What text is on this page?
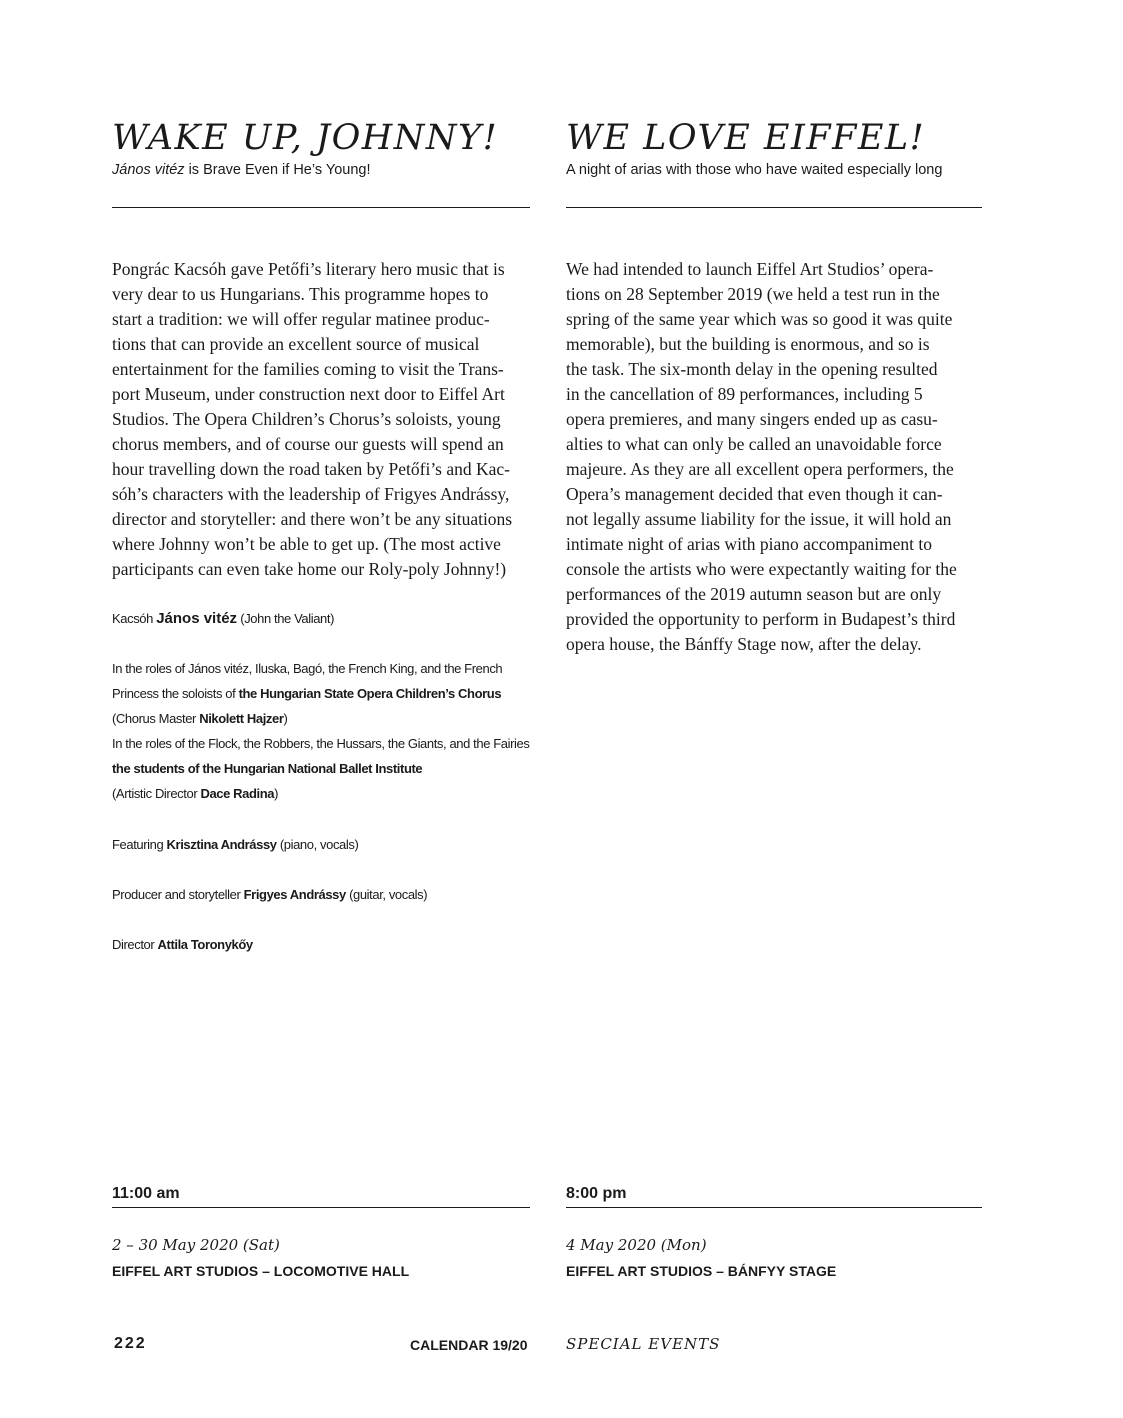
WAKE UP, JOHNNY!
János vitéz is Brave Even if He’s Young!
Pongrác Kacsóh gave Petőfi’s literary hero music that is
very dear to us Hungarians. This programme hopes to
start a tradition: we will offer regular matinee produc-
tions that can provide an excellent source of musical
entertainment for the families coming to visit the Trans-
port Museum, under construction next door to Eiffel Art
Studios. The Opera Children’s Chorus’s soloists, young
chorus members, and of course our guests will spend an
hour travelling down the road taken by Petőfi’s and Kac-
sóh’s characters with the leadership of Frigyes Andrássy,
director and storyteller: and there won’t be any situations
where Johnny won’t be able to get up. (The most active
participants can even take home our Roly-poly Johnny!)
Kacsóh János vitéz (John the Valiant)
In the roles of János vitéz, Iluska, Bagó, the French King, and the French
Princess the soloists of the Hungarian State Opera Children’s Chorus
(Chorus Master Nikolett Hajzer)
In the roles of the Flock, the Robbers, the Hussars, the Giants, and the Fairies
the students of the Hungarian National Ballet Institute
(Artistic Director Dace Radina)
Featuring Krisztina Andrássy (piano, vocals)
Producer and storyteller Frigyes Andrássy (guitar, vocals)
Director Attila Toronykőy
11:00 am
2 – 30 May 2020 (Sat)
EIFFEL ART STUDIOS – LOCOMOTIVE HALL
WE LOVE EIFFEL!
A night of arias with those who have waited especially long
We had intended to launch Eiffel Art Studios’ opera-
tions on 28 September 2019 (we held a test run in the
spring of the same year which was so good it was quite
memorable), but the building is enormous, and so is
the task. The six-month delay in the opening resulted
in the cancellation of 89 performances, including 5
opera premieres, and many singers ended up as casu-
alties to what can only be called an unavoidable force
majeure. As they are all excellent opera performers, the
Opera’s management decided that even though it can-
not legally assume liability for the issue, it will hold an
intimate night of arias with piano accompaniment to
console the artists who were expectantly waiting for the
performances of the 2019 autumn season but are only
provided the opportunity to perform in Budapest’s third
opera house, the Bánffy Stage now, after the delay.
8:00 pm
4 May 2020 (Mon)
EIFFEL ART STUDIOS – BÁNFYY STAGE
222	CALENDAR 19/20	SPECIAL EVENTS
